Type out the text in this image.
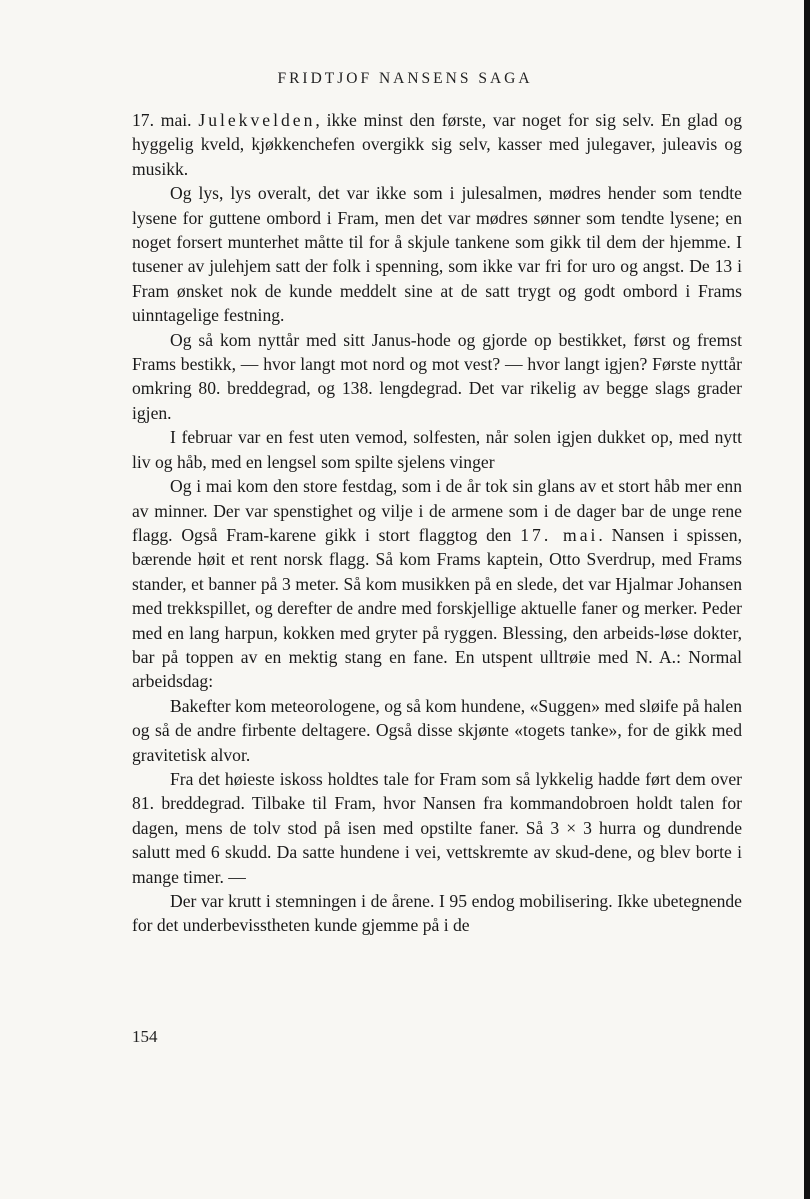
FRIDTJOF NANSENS SAGA

17. mai. Julekvelden, ikke minst den første, var noget for sig selv. En glad og hyggelig kveld, kjøkkenchefen overgikk sig selv, kasser med julegaver, juleavis og musikk.

Og lys, lys overalt, det var ikke som i julesalmen, mødres hender som tendte lysene for guttene ombord i Fram, men det var mødres sønner som tendte lysene; en noget forsert munterhet måtte til for å skjule tankene som gikk til dem der hjemme. I tusener av julehjem satt der folk i spenning, som ikke var fri for uro og angst. De 13 i Fram ønsket nok de kunde meddelt sine at de satt trygt og godt ombord i Frams uinntagelige festning.

Og så kom nyttår med sitt Janus-hode og gjorde op bestikket, først og fremst Frams bestikk, — hvor langt mot nord og mot vest? — hvor langt igjen? Første nyttår omkring 80. breddegrad, og 138. lengdegrad. Det var rikelig av begge slags grader igjen.

I februar var en fest uten vemod, solfesten, når solen igjen dukket op, med nytt liv og håb, med en lengsel som spilte sjelens vinger

Og i mai kom den store festdag, som i de år tok sin glans av et stort håb mer enn av minner. Der var spenstighet og vilje i de armene som i de dager bar de unge rene flagg. Også Fram-karene gikk i stort flaggtog den 17. mai. Nansen i spissen, bærende høit et rent norsk flagg. Så kom Frams kaptein, Otto Sverdrup, med Frams stander, et banner på 3 meter. Så kom musikken på en slede, det var Hjalmar Johansen med trekkspillet, og derefter de andre med forskjellige aktuelle faner og merker. Peder med en lang harpun, kokken med gryter på ryggen. Blessing, den arbeids-løse dokter, bar på toppen av en mektig stang en fane. En utspent ulltrøie med N. A.: Normal arbeidsdag:

Bakefter kom meteorologene, og så kom hundene, «Suggen» med sløife på halen og så de andre firbente deltagere. Også disse skjønte «togets tanke», for de gikk med gravitetisk alvor.

Fra det høieste iskoss holdtes tale for Fram som så lykkelig hadde ført dem over 81. breddegrad. Tilbake til Fram, hvor Nansen fra kommandobroen holdt talen for dagen, mens de tolv stod på isen med opstilte faner. Så 3 × 3 hurra og dundrende salutt med 6 skudd. Da satte hundene i vei, vettskremte av skud-dene, og blev borte i mange timer. —

Der var krutt i stemningen i de årene. I 95 endog mobilisering. Ikke ubetegnende for det underbevisstheten kunde gjemme på i de

154
